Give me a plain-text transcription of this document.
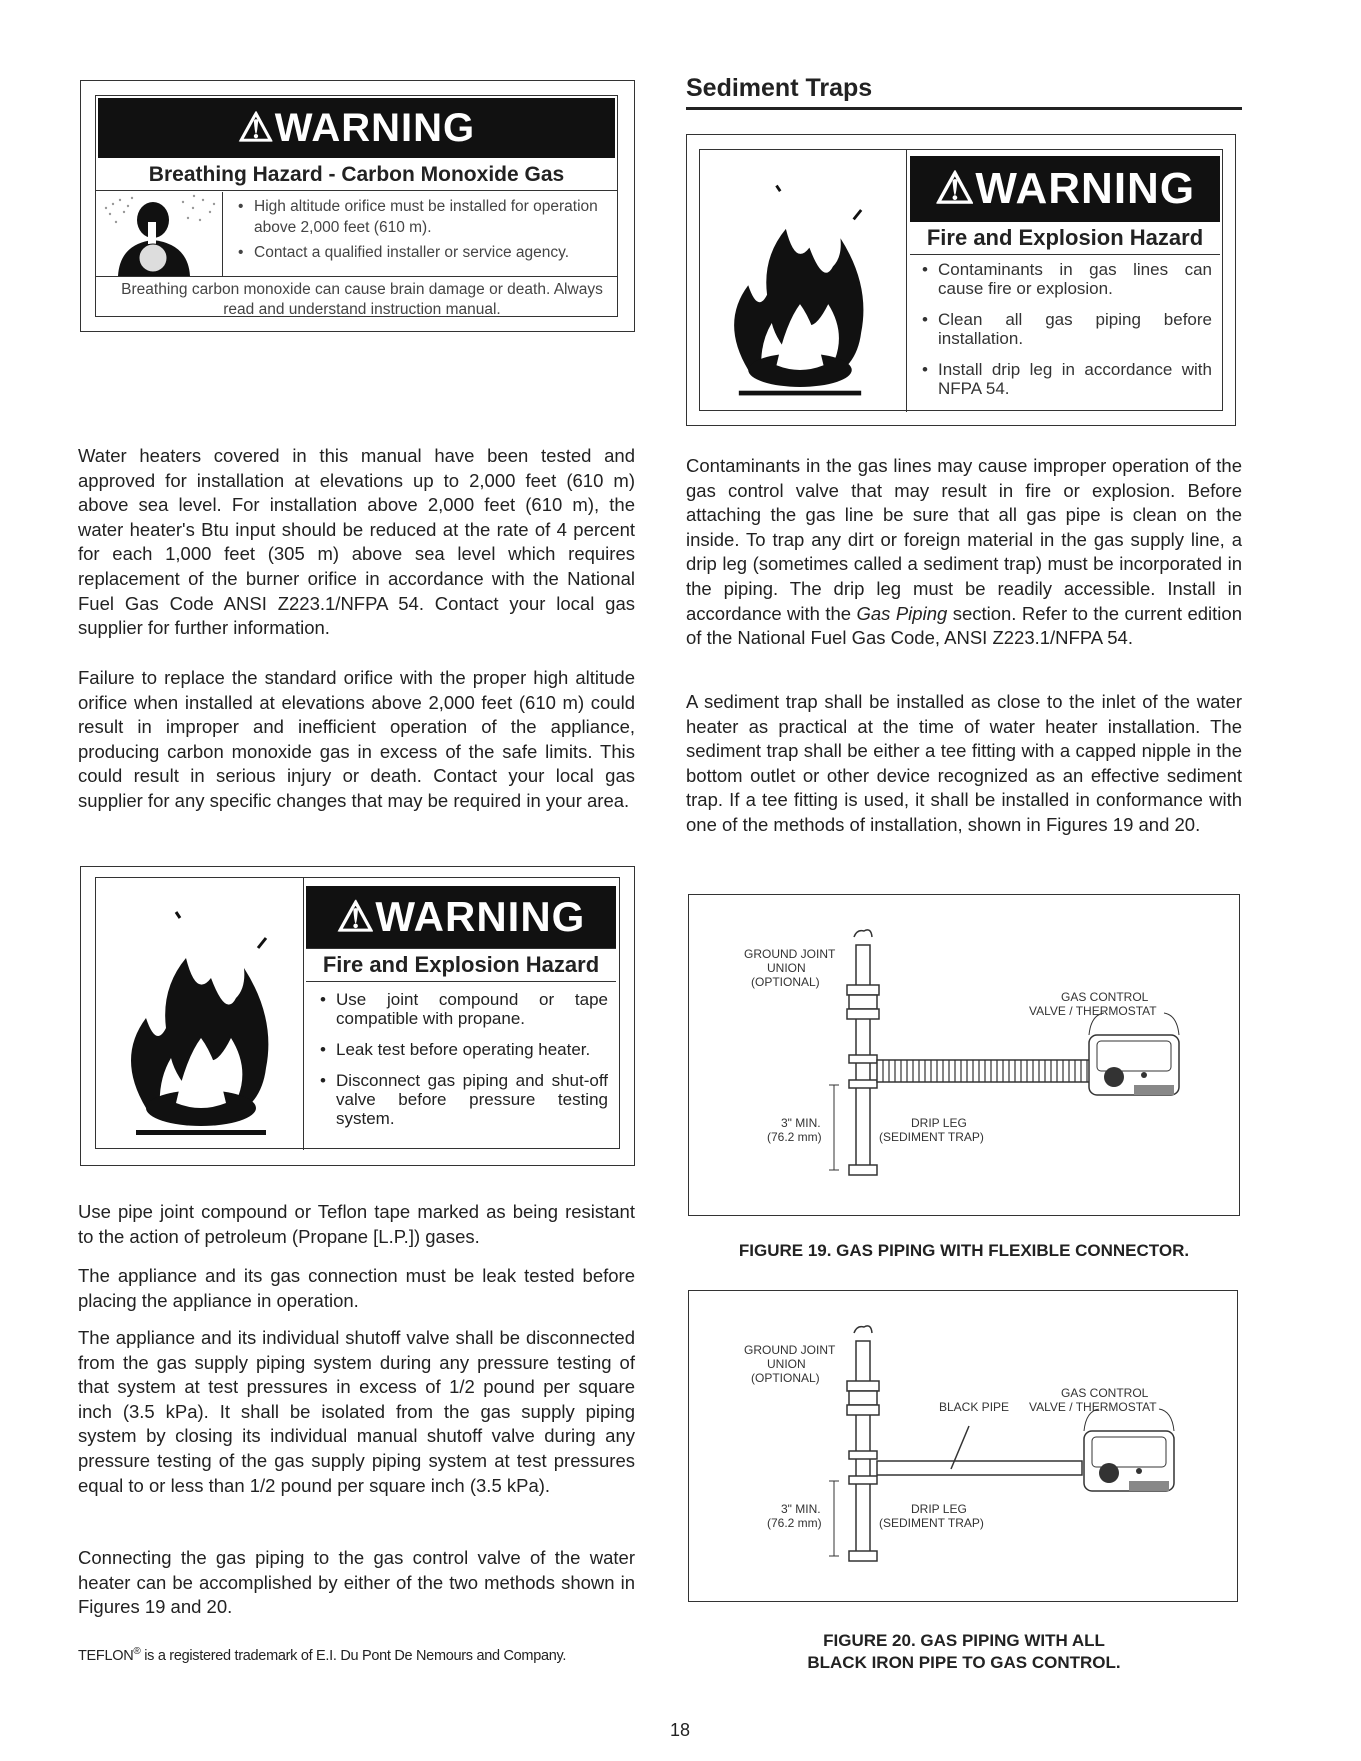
⚠WARNING
Breathing Hazard - Carbon Monoxide Gas
• High altitude orifice must be installed for operation above 2,000 feet (610 m).
• Contact a qualified installer or service agency.
Breathing carbon monoxide can cause brain damage or death. Always read and understand instruction manual.

Water heaters covered in this manual have been tested and approved for installation at elevations up to 2,000 feet (610 m) above sea level. For installation above 2,000 feet (610 m), the water heater's Btu input should be reduced at the rate of 4 percent for each 1,000 feet (305 m) above sea level which requires replacement of the burner orifice in accordance with the National Fuel Gas Code ANSI Z223.1/NFPA 54. Contact your local gas supplier for further information.

Failure to replace the standard orifice with the proper high altitude orifice when installed at elevations above 2,000 feet (610 m) could result in improper and inefficient operation of the appliance, producing carbon monoxide gas in excess of the safe limits. This could result in serious injury or death. Contact your local gas supplier for any specific changes that may be required in your area.

⚠WARNING
Fire and Explosion Hazard
• Use joint compound or tape compatible with propane.
• Leak test before operating heater.
• Disconnect gas piping and shut-off valve before pressure testing system.

Use pipe joint compound or Teflon tape marked as being resistant to the action of petroleum (Propane [L.P.]) gases.

The appliance and its gas connection must be leak tested before placing the appliance in operation.

The appliance and its individual shutoff valve shall be disconnected from the gas supply piping system during any pressure testing of that system at test pressures in excess of 1/2 pound per square inch (3.5 kPa). It shall be isolated from the gas supply piping system by closing its individual manual shutoff valve during any pressure testing of the gas supply piping system at test pressures equal to or less than 1/2 pound per square inch (3.5 kPa).

Connecting the gas piping to the gas control valve of the water heater can be accomplished by either of the two methods shown in Figures 19 and 20.

TEFLON® is a registered trademark of E.I. Du Pont De Nemours and Company.
Sediment Traps
⚠WARNING
Fire and Explosion Hazard
• Contaminants in gas lines can cause fire or explosion.
• Clean all gas piping before installation.
• Install drip leg in accordance with NFPA 54.

Contaminants in the gas lines may cause improper operation of the gas control valve that may result in fire or explosion. Before attaching the gas line be sure that all gas pipe is clean on the inside. To trap any dirt or foreign material in the gas supply line, a drip leg (sometimes called a sediment trap) must be incorporated in the piping. The drip leg must be readily accessible. Install in accordance with the Gas Piping section. Refer to the current edition of the National Fuel Gas Code, ANSI Z223.1/NFPA 54.

A sediment trap shall be installed as close to the inlet of the water heater as practical at the time of water heater installation. The sediment trap shall be either a tee fitting with a capped nipple in the bottom outlet or other device recognized as an effective sediment trap. If a tee fitting is used, it shall be installed in conformance with one of the methods of installation, shown in Figures 19 and 20.

GROUND JOINT
UNION
(OPTIONAL)
GAS CONTROL
VALVE / THERMOSTAT
3" MIN.
(76.2 mm)
DRIP LEG
(SEDIMENT TRAP)
FIGURE 19. GAS PIPING WITH FLEXIBLE CONNECTOR.
GROUND JOINT
UNION
(OPTIONAL)
BLACK PIPE
GAS CONTROL
VALVE / THERMOSTAT
3" MIN.
(76.2 mm)
DRIP LEG
(SEDIMENT TRAP)
FIGURE 20. GAS PIPING WITH ALL
BLACK IRON PIPE TO GAS CONTROL.
18
